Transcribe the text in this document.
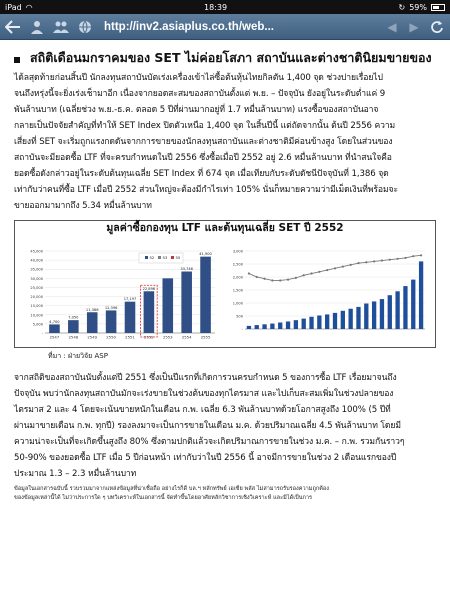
iPad ◠	18:39	↻ 59%
http://inv2.asiaplus.co.th/web...	◀ ▶
สถิติเดือนมกราคมของ SET ไม่ค่อยโสภา สถาบันและต่างชาตินิยมขายของ
ได้ลสุดท้ายก่อนสิ้นปี นักลงทุนสถาบันบัตเร่งเครื่องเข้าไล่ซื้อต้นหุ้นไทยกิลตัน 1,400 จุด ช่วงปายเรื่อยไป
จนถึงหรุ่งนี้จะยิ่งเร่งเช็ามาอีก เนื่องจากยอดสะสมของสถาบันตั้งแต่ พ.ย. – ปัจจุบัน ยังอยู่ในระดับต่ำแค่ 9
พันล้านบาท (เฉลี่ยช่วง พ.ย.-ธ.ค. ตลอด 5 ปีที่ผ่านมากอยู่ที่ 1.7 หมื่นล้านบาท) แรงซื้อของสถาบันอาจ
กลายเป็นปัจจัยสำคัญที่ทำให้ SET Index ปิดตัวเหนือ 1,400 จุด ในสิ้นปีนี้ แต่ถัดจากนั้น ต้นปี 2556 ความ
เสี่ยงที่ SET จะเริ่มถูกแรงกดดันจากการขายของนักลงทุนสถาบันและต่างชาติมีค่อนข้างสูง โดยในส่วนของ
สถาบันจะมียอดซื้อ LTF ที่จะครบกำหนดในปี 2556 ซึ่งซื้อเมื่อปี 2552 อยู่ 2.6 หมื่นล้านบาท ที่นำสนใจคือ
ยอดซื้อดังกล่าวอยู่ในระดับต้นทุนเฉลี่ย SET Index ที่ 674 จุด เมื่อเทียบกับระดับดัชนีปัจจุบันที่ 1,386 จุด
เท่ากับว่าคนที่ซื้อ LTF เมื่อปี 2552 ส่วนใหญ่จะต้องมีกำไรเท่า 105% นั่นก็หมายความว่ามีเม็ดเงินที่พร้อมจะ
ขายออกมามากถึง 5.34 หมื่นล้านบาท
มูลค่าซื้อกองทุน LTF และต้นทุนเฉลี่ย SET ปี 2552
-
5,000
10,000
15,000
20,000
25,000
30,000
35,000
40,000
45,000
4,700
2547
7,050
2548
11,386
2549
12,396
2550
17,197
2551
22,896
2552 2553
33,746
2554
41,900
2555
52 53 55
-
500
1,000
1,500
2,000
2,500
3,000
ที่มา : ฝ่ายวิจัย ASP
จากสถิติของสถาบันนับตั้งแต่ปี 2551 ซึ่งเป็นปีแรกที่เกิดการวนครบกำหนด 5 ของการซื้อ LTF เรื่อยมาจนถึง
ปัจจุบัน พบว่านักลงทุนสถาบันมักจะเร่งขายในช่วงต้นของทุกไตรมาส และไปเก็บสะสมเพิ่มในช่วงปลายของ
ไตรมาส 2 และ 4 โดยจะเน้นขายหนักในเดือน ก.พ. เฉลี่ย 6.3 พันล้านบาทด้วยโอกาสสูงถึง 100% (5 ปีที่
ผ่านมาขายเดือน ก.พ. ทุกปี) รองลงมาจะเป็นการขายในเดือน ม.ค. ด้วยปริมาณเฉลี่ย 4.5 พันล้านบาท โดยมี
ความน่าจะเป็นที่จะเกิดขึ้นสูงถึง 80% ซึ่งตามปกติแล้วจะเกิดปริมาณการขายในช่วง ม.ค. – ก.พ. รวมกันราวๆ
50-90% ของยอดซื้อ LTF เมื่อ 5 ปีก่อนหน้า เท่ากับว่าในปี 2556 นี้ อาจมีการขายในช่วง 2 เดือนแรกของปี
ประมาณ 1.3 – 2.3 หมื่นล้านบาท
ข้อมูลในเอกสารฉบับนี้ รวบรวมมาจากแหล่งข้อมูลที่น่าเชื่อถือ อย่างไรก็ดี บล.ฯ หลักทรัพย์ เอเซีย พลัส ไม่สามารถรับรองความถูกต้อง
ของข้อมูลเหล่านี้ได้ ไม่ว่าประการใด ๆ บทวิเคราะห์ในเอกสารนี้ จัดทำขึ้นโดยอาศัยหลักวิชาการเชิงวิเคราะห์ และมิได้เป็นการ
